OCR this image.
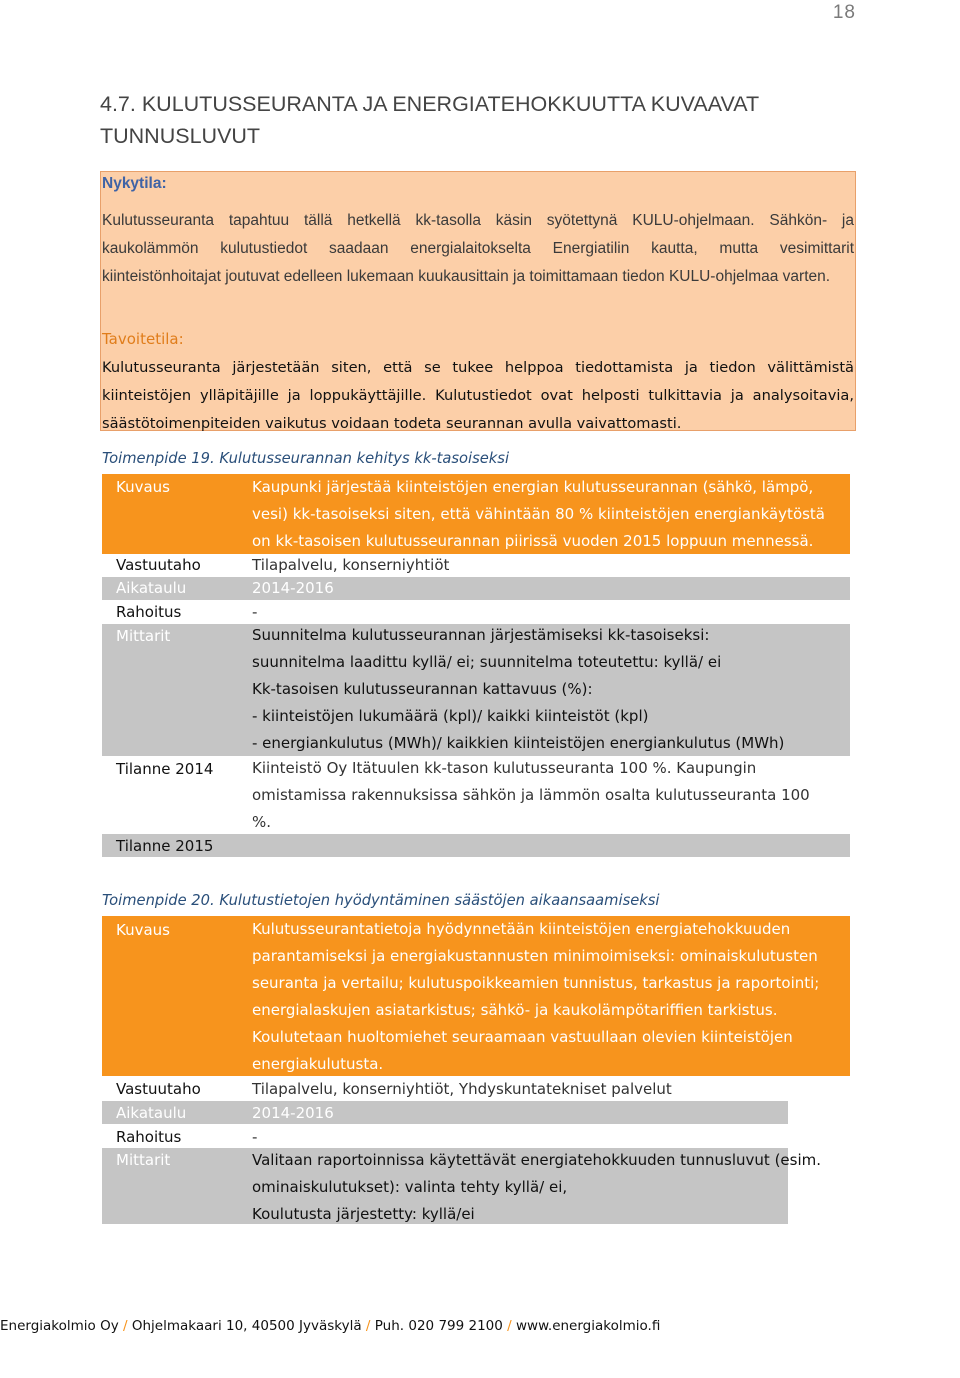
18
4.7. KULUTUSSEURANTA JA ENERGIATEHOKKUUTTA KUVAAVAT
TUNNUSLUVUT
Nykytila:
Kulutusseuranta tapahtuu tällä hetkellä kk-tasolla käsin syötettynä KULU-ohjelmaan. Sähkön- ja kaukolämmön kulutustiedot saadaan energialaitokselta Energiatilin kautta, mutta vesimittarit kiinteistönhoitajat joutuvat edelleen lukemaan kuukausittain ja toimittamaan tiedon KULU-ohjelmaa varten.
Tavoitetila:
Kulutusseuranta järjestetään siten, että se tukee helppoa tiedottamista ja tiedon välittämistä kiinteistöjen ylläpitäjille ja loppukäyttäjille. Kulutustiedot ovat helposti tulkittavia ja analysoitavia, säästötoimenpiteiden vaikutus voidaan todeta seurannan avulla vaivattomasti.
Toimenpide 19. Kulutusseurannan kehitys kk-tasoiseksi
Kuvaus	Kaupunki järjestää kiinteistöjen energian kulutusseurannan (sähkö, lämpö,
vesi) kk-tasoiseksi siten, että vähintään 80 % kiinteistöjen energiankäytöstä
on kk-tasoisen kulutusseurannan piirissä vuoden 2015 loppuun mennessä.
Vastuutaho	Tilapalvelu, konserniyhtiöt
Aikataulu	2014-2016
Rahoitus	-
Mittarit	Suunnitelma kulutusseurannan järjestämiseksi kk-tasoiseksi:
suunnitelma laadittu kyllä/ ei; suunnitelma toteutettu: kyllä/ ei
Kk-tasoisen kulutusseurannan kattavuus (%):
- kiinteistöjen lukumäärä (kpl)/ kaikki kiinteistöt (kpl)
- energiankulutus (MWh)/ kaikkien kiinteistöjen energiankulutus (MWh)
Tilanne 2014	Kiinteistö Oy Itätuulen kk-tason kulutusseuranta 100 %. Kaupungin
omistamissa rakennuksissa sähkön ja lämmön osalta kulutusseuranta 100
%.
Tilanne 2015
Toimenpide 20. Kulutustietojen hyödyntäminen säästöjen aikaansaamiseksi
Kuvaus	Kulutusseurantatietoja hyödynnetään kiinteistöjen energiatehokkuuden
parantamiseksi ja energiakustannusten minimoimiseksi: ominaiskulutusten
seuranta ja vertailu; kulutuspoikkeamien tunnistus, tarkastus ja raportointi;
energialaskujen asiatarkistus; sähkö- ja kaukolämpötariffien tarkistus.
Koulutetaan huoltomiehet seuraamaan vastuullaan olevien kiinteistöjen
energiakulutusta.
Vastuutaho	Tilapalvelu, konserniyhtiöt, Yhdyskuntatekniset palvelut
Aikataulu	2014-2016
Rahoitus	-
Mittarit	Valitaan raportoinnissa käytettävät energiatehokkuuden tunnusluvut (esim.
ominaiskulutukset): valinta tehty kyllä/ ei,
Koulutusta järjestetty: kyllä/ei
Energiakolmio Oy / Ohjelmakaari 10, 40500 Jyväskylä / Puh. 020 799 2100 / www.energiakolmio.fi
